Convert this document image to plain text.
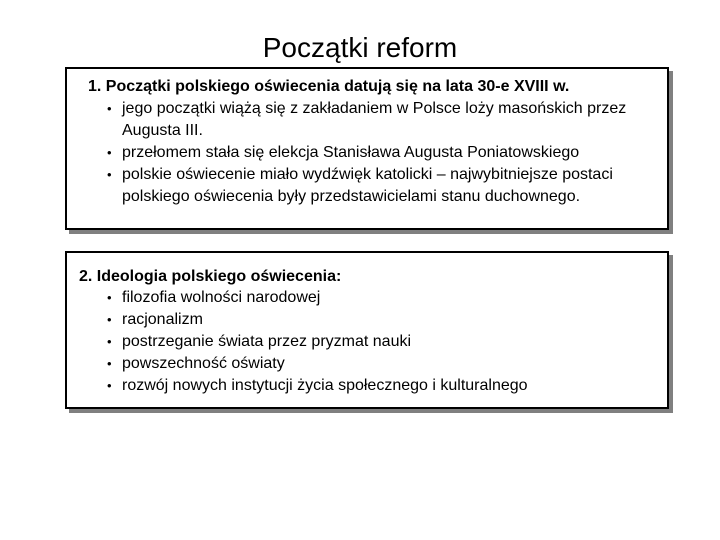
Początki reform
1. Początki polskiego oświecenia datują się na lata 30-e XVIII w.
• jego początki wiążą się z zakładaniem w Polsce loży masońskich przez Augusta III.
• przełomem stała się elekcja Stanisława Augusta Poniatowskiego
• polskie oświecenie miało wydźwięk katolicki – najwybitniejsze postaci polskiego oświecenia były przedstawicielami stanu duchownego.
2. Ideologia polskiego oświecenia:
• filozofia wolności narodowej
• racjonalizm
• postrzeganie świata przez pryzmat nauki
• powszechność oświaty
• rozwój nowych instytucji życia społecznego i kulturalnego
